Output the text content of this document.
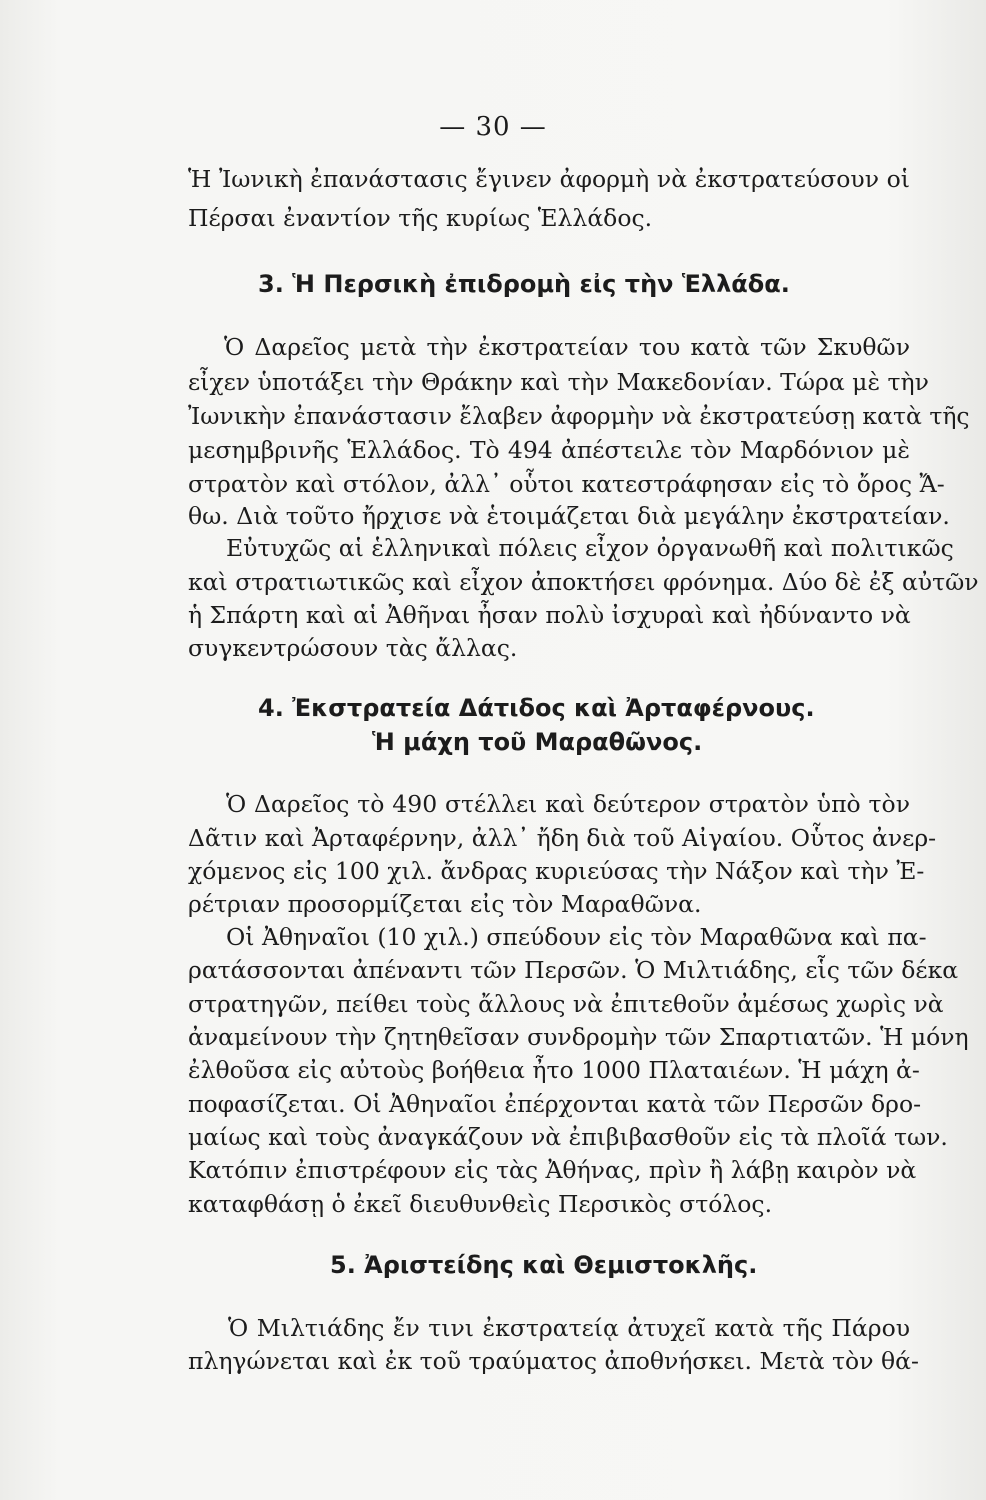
— 30 —
Ἡ Ἰωνικὴ ἐπανάστασις ἔγινεν ἀφορμὴ νὰ ἐκστρατεύσουν οἱ
Πέρσαι ἐναντίον τῆς κυρίως Ἑλλάδος.
3. Ἡ Περσικὴ ἐπιδρομὴ εἰς τὴν Ἑλλάδα.
Ὁ Δαρεῖος μετὰ τὴν ἐκστρατείαν του κατὰ τῶν Σκυθῶν
εἶχεν ὑποτάξει τὴν Θράκην καὶ τὴν Μακεδονίαν. Τώρα μὲ τὴν
Ἰωνικὴν ἐπανάστασιν ἔλαβεν ἀφορμὴν νὰ ἐκστρατεύσῃ κατὰ τῆς
μεσημβρινῆς Ἑλλάδος. Τὸ 494 ἀπέστειλε τὸν Μαρδόνιον μὲ
στρατὸν καὶ στόλον, ἀλλ᾽ οὗτοι κατεστράφησαν εἰς τὸ ὄρος Ἄ-
θω. Διὰ τοῦτο ἤρχισε νὰ ἑτοιμάζεται διὰ μεγάλην ἐκστρατείαν.
Εὐτυχῶς αἱ ἑλληνικαὶ πόλεις εἶχον ὀργανωθῆ καὶ πολιτικῶς
καὶ στρατιωτικῶς καὶ εἶχον ἀποκτήσει φρόνημα. Δύο δὲ ἐξ αὐτῶν
ἡ Σπάρτη καὶ αἱ Ἀθῆναι ἦσαν πολὺ ἰσχυραὶ καὶ ἠδύναντο νὰ
συγκεντρώσουν τὰς ἄλλας.
4. Ἐκστρατεία Δάτιδος καὶ Ἀρταφέρνους.
Ἡ μάχη τοῦ Μαραθῶνος.
Ὁ Δαρεῖος τὸ 490 στέλλει καὶ δεύτερον στρατὸν ὑπὸ τὸν
Δᾶτιν καὶ Ἀρταφέρνην, ἀλλ᾽ ἤδη διὰ τοῦ Αἰγαίου. Οὗτος ἀνερ-
χόμενος εἰς 100 χιλ. ἄνδρας κυριεύσας τὴν Νάξον καὶ τὴν Ἐ-
ρέτριαν προσορμίζεται εἰς τὸν Μαραθῶνα.
Οἱ Ἀθηναῖοι (10 χιλ.) σπεύδουν εἰς τὸν Μαραθῶνα καὶ πα-
ρατάσσονται ἀπέναντι τῶν Περσῶν. Ὁ Μιλτιάδης, εἷς τῶν δέκα
στρατηγῶν, πείθει τοὺς ἄλλους νὰ ἐπιτεθοῦν ἀμέσως χωρὶς νὰ
ἀναμείνουν τὴν ζητηθεῖσαν συνδρομὴν τῶν Σπαρτιατῶν. Ἡ μόνη
ἐλθοῦσα εἰς αὐτοὺς βοήθεια ἦτο 1000 Πλαταιέων. Ἡ μάχη ἀ-
ποφασίζεται. Οἱ Ἀθηναῖοι ἐπέρχονται κατὰ τῶν Περσῶν δρο-
μαίως καὶ τοὺς ἀναγκάζουν νὰ ἐπιβιβασθοῦν εἰς τὰ πλοῖά των.
Κατόπιν ἐπιστρέφουν εἰς τὰς Ἀθήνας, πρὶν ἢ λάβῃ καιρὸν νὰ
καταφθάσῃ ὁ ἐκεῖ διευθυνθεὶς Περσικὸς στόλος.
5. Ἀριστείδης καὶ Θεμιστοκλῆς.
Ὁ Μιλτιάδης ἔν τινι ἐκστρατείᾳ ἀτυχεῖ κατὰ τῆς Πάρου
πληγώνεται καὶ ἐκ τοῦ τραύματος ἀποθνήσκει. Μετὰ τὸν θά-
